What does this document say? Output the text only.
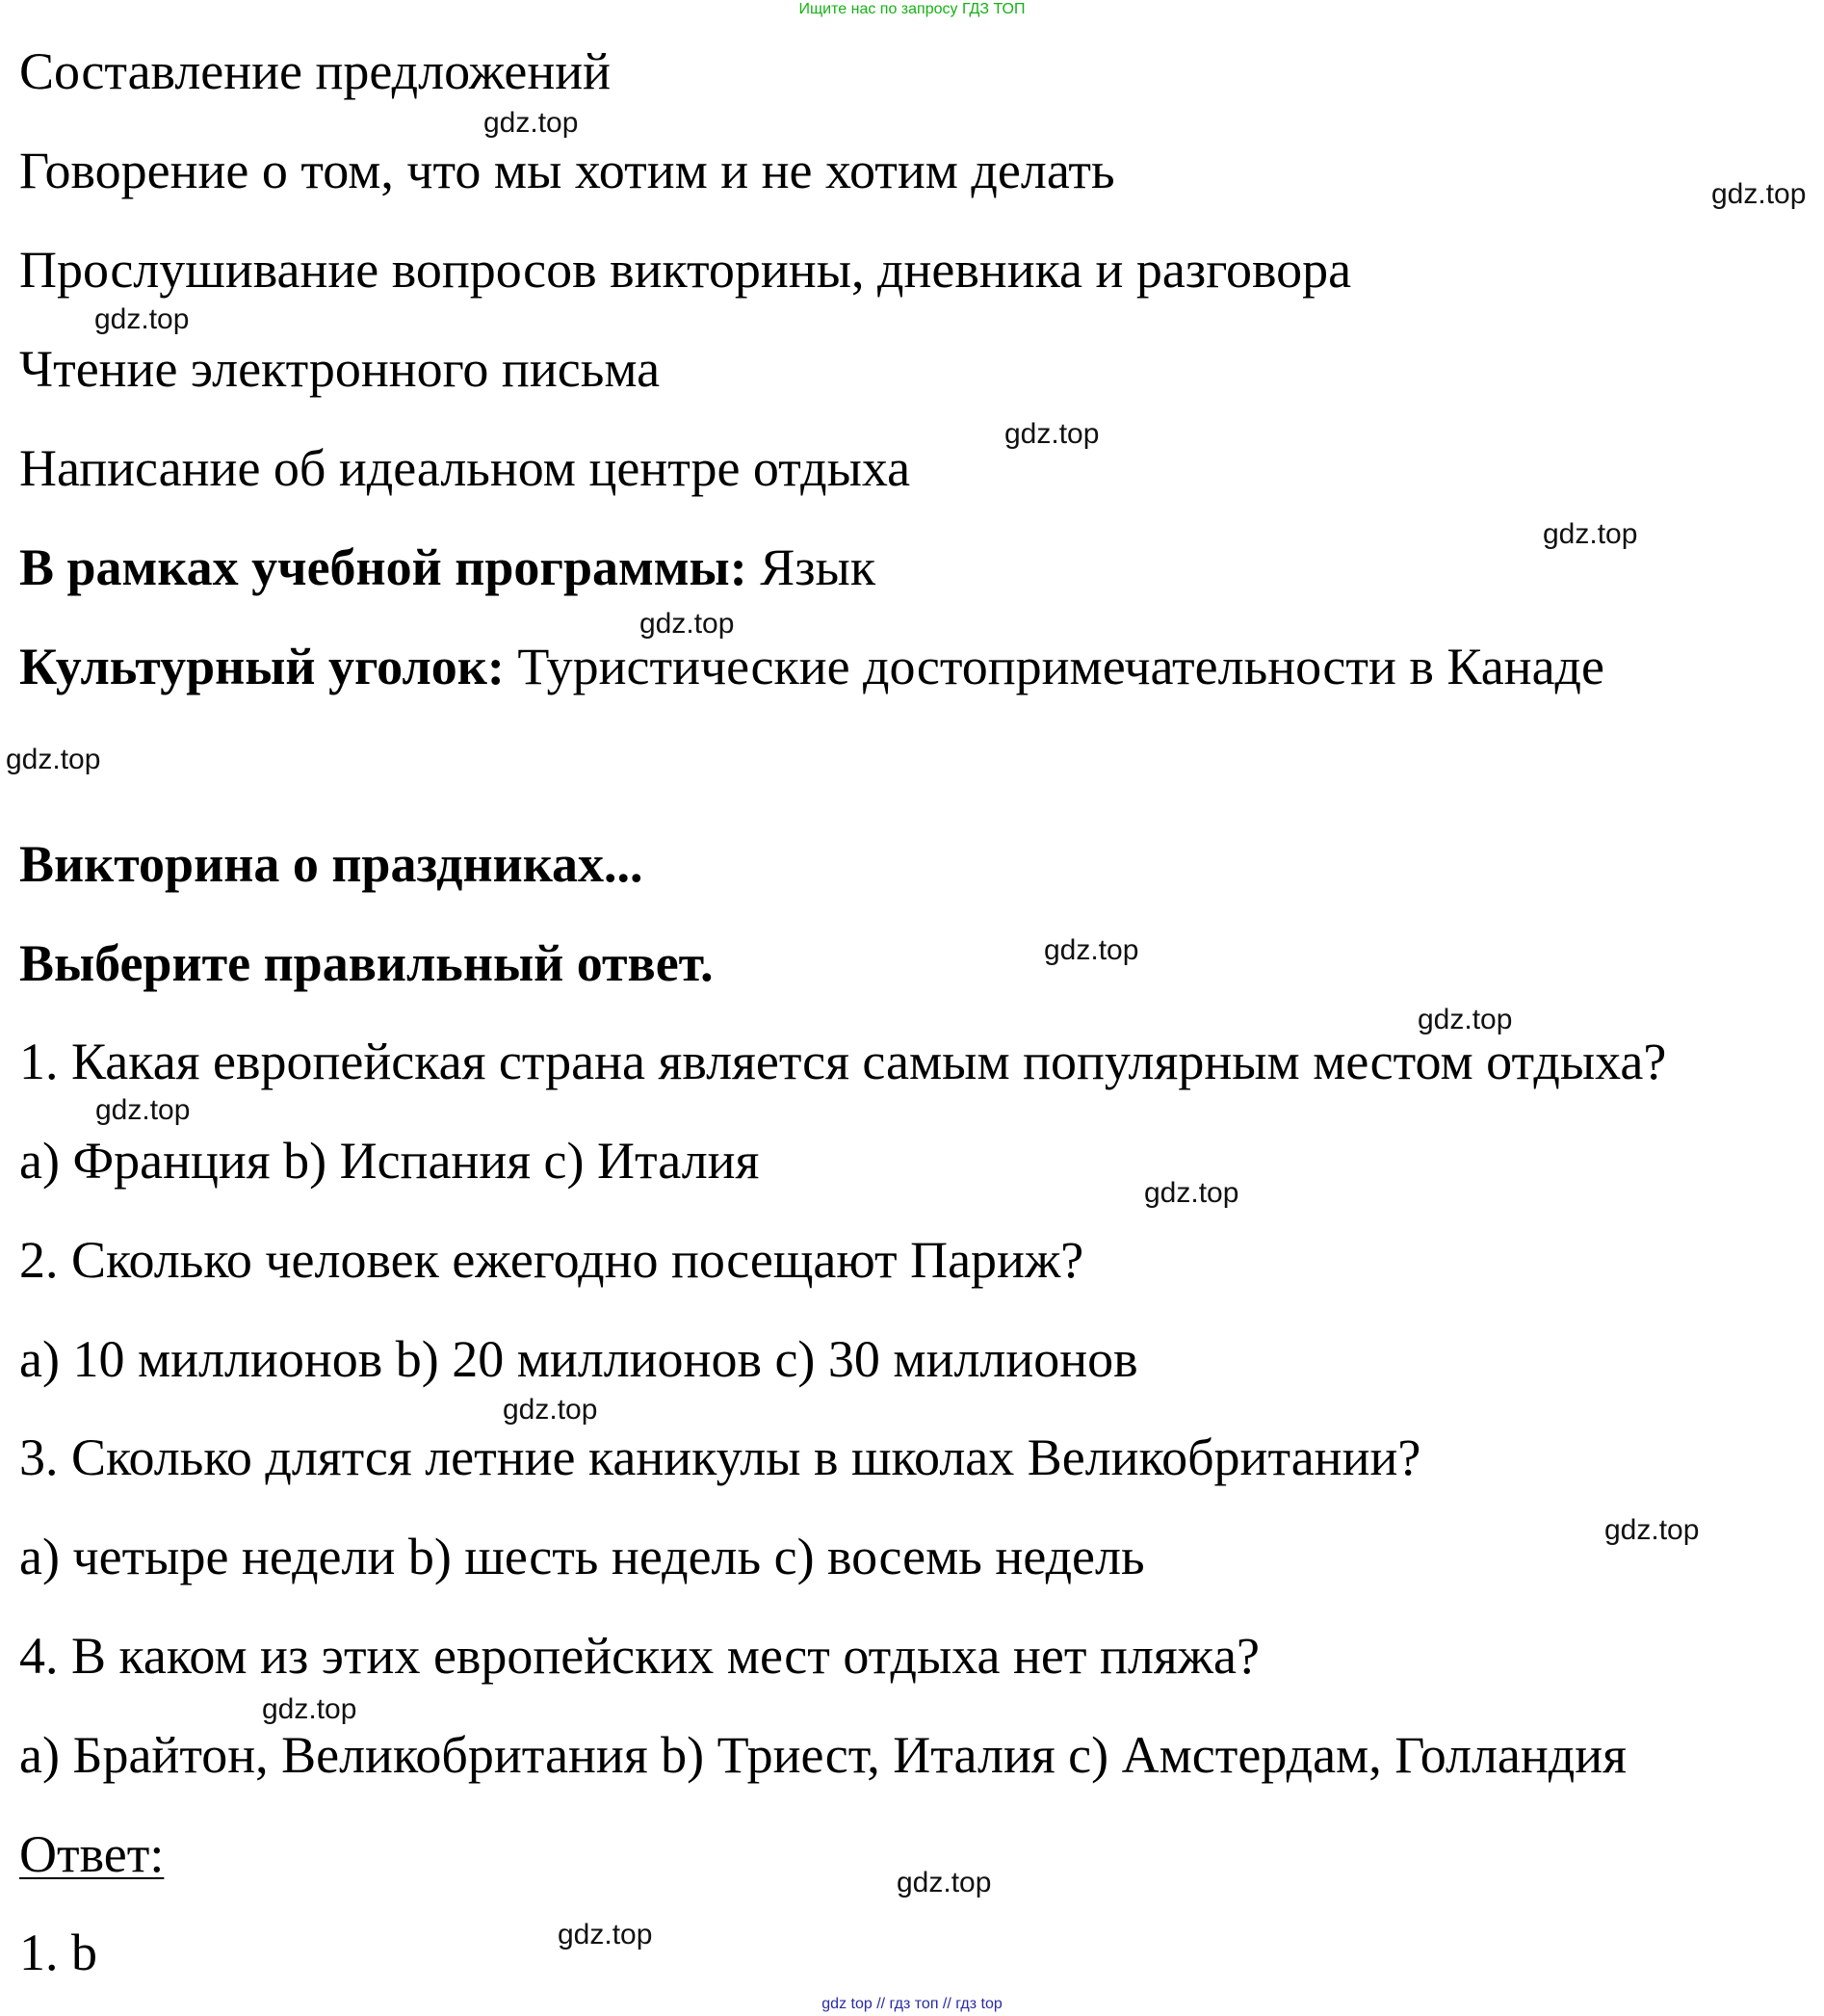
Ищите нас по запросу ГДЗ ТОП
Составление предложений
Говорение о том, что мы хотим и не хотим делать
Прослушивание вопросов викторины, дневника и разговора
Чтение электронного письма
Написание об идеальном центре отдыха
В рамках учебной программы: Язык
Культурный уголок: Туристические достопримечательности в Канаде
Викторина о праздниках...
Выберите правильный ответ.
1. Какая европейская страна является самым популярным местом отдыха?
a) Франция b) Испания c) Италия
2. Сколько человек ежегодно посещают Париж?
a) 10 миллионов b) 20 миллионов c) 30 миллионов
3. Сколько длятся летние каникулы в школах Великобритании?
a) четыре недели b) шесть недель c) восемь недель
4. В каком из этих европейских мест отдыха нет пляжа?
a) Брайтон, Великобритания b) Триест, Италия c) Амстердам, Голландия
Ответ:
1. b
gdz.top
gdz.top
gdz.top
gdz.top
gdz.top
gdz.top
gdz.top
gdz.top
gdz.top
gdz.top
gdz.top
gdz.top
gdz.top
gdz.top
gdz.top
gdz.top
gdz top // гдз топ // гдз top
